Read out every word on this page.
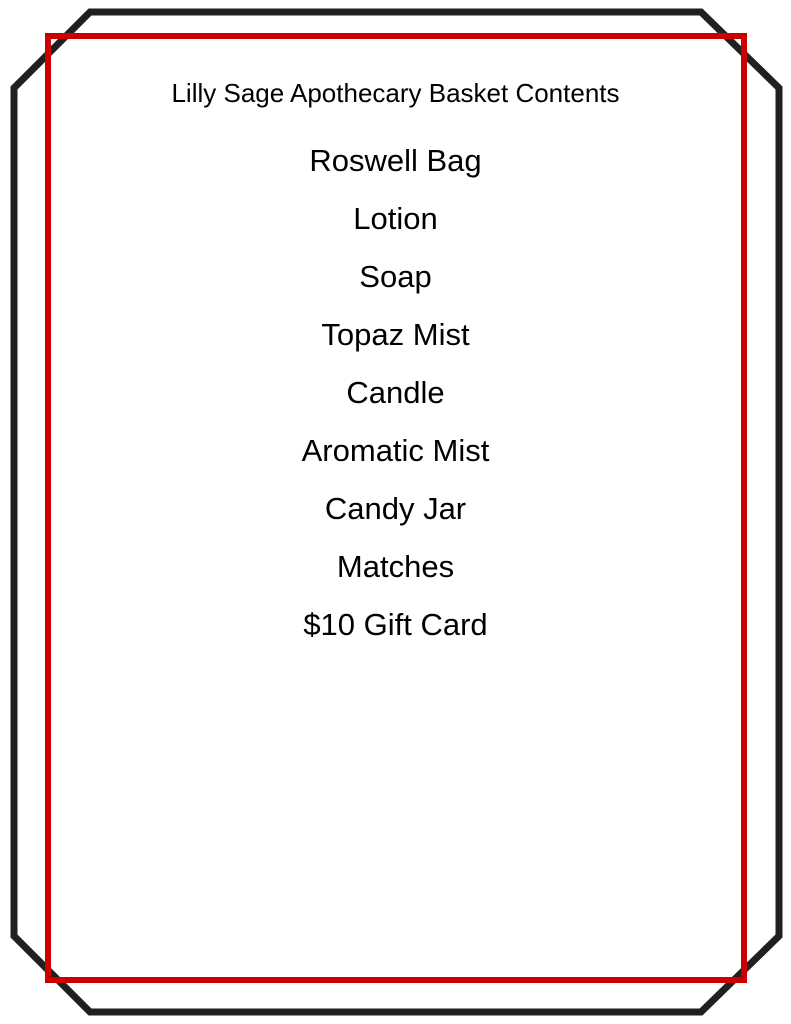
Lilly Sage Apothecary Basket Contents
Roswell Bag
Lotion
Soap
Topaz Mist
Candle
Aromatic Mist
Candy Jar
Matches
$10 Gift Card
